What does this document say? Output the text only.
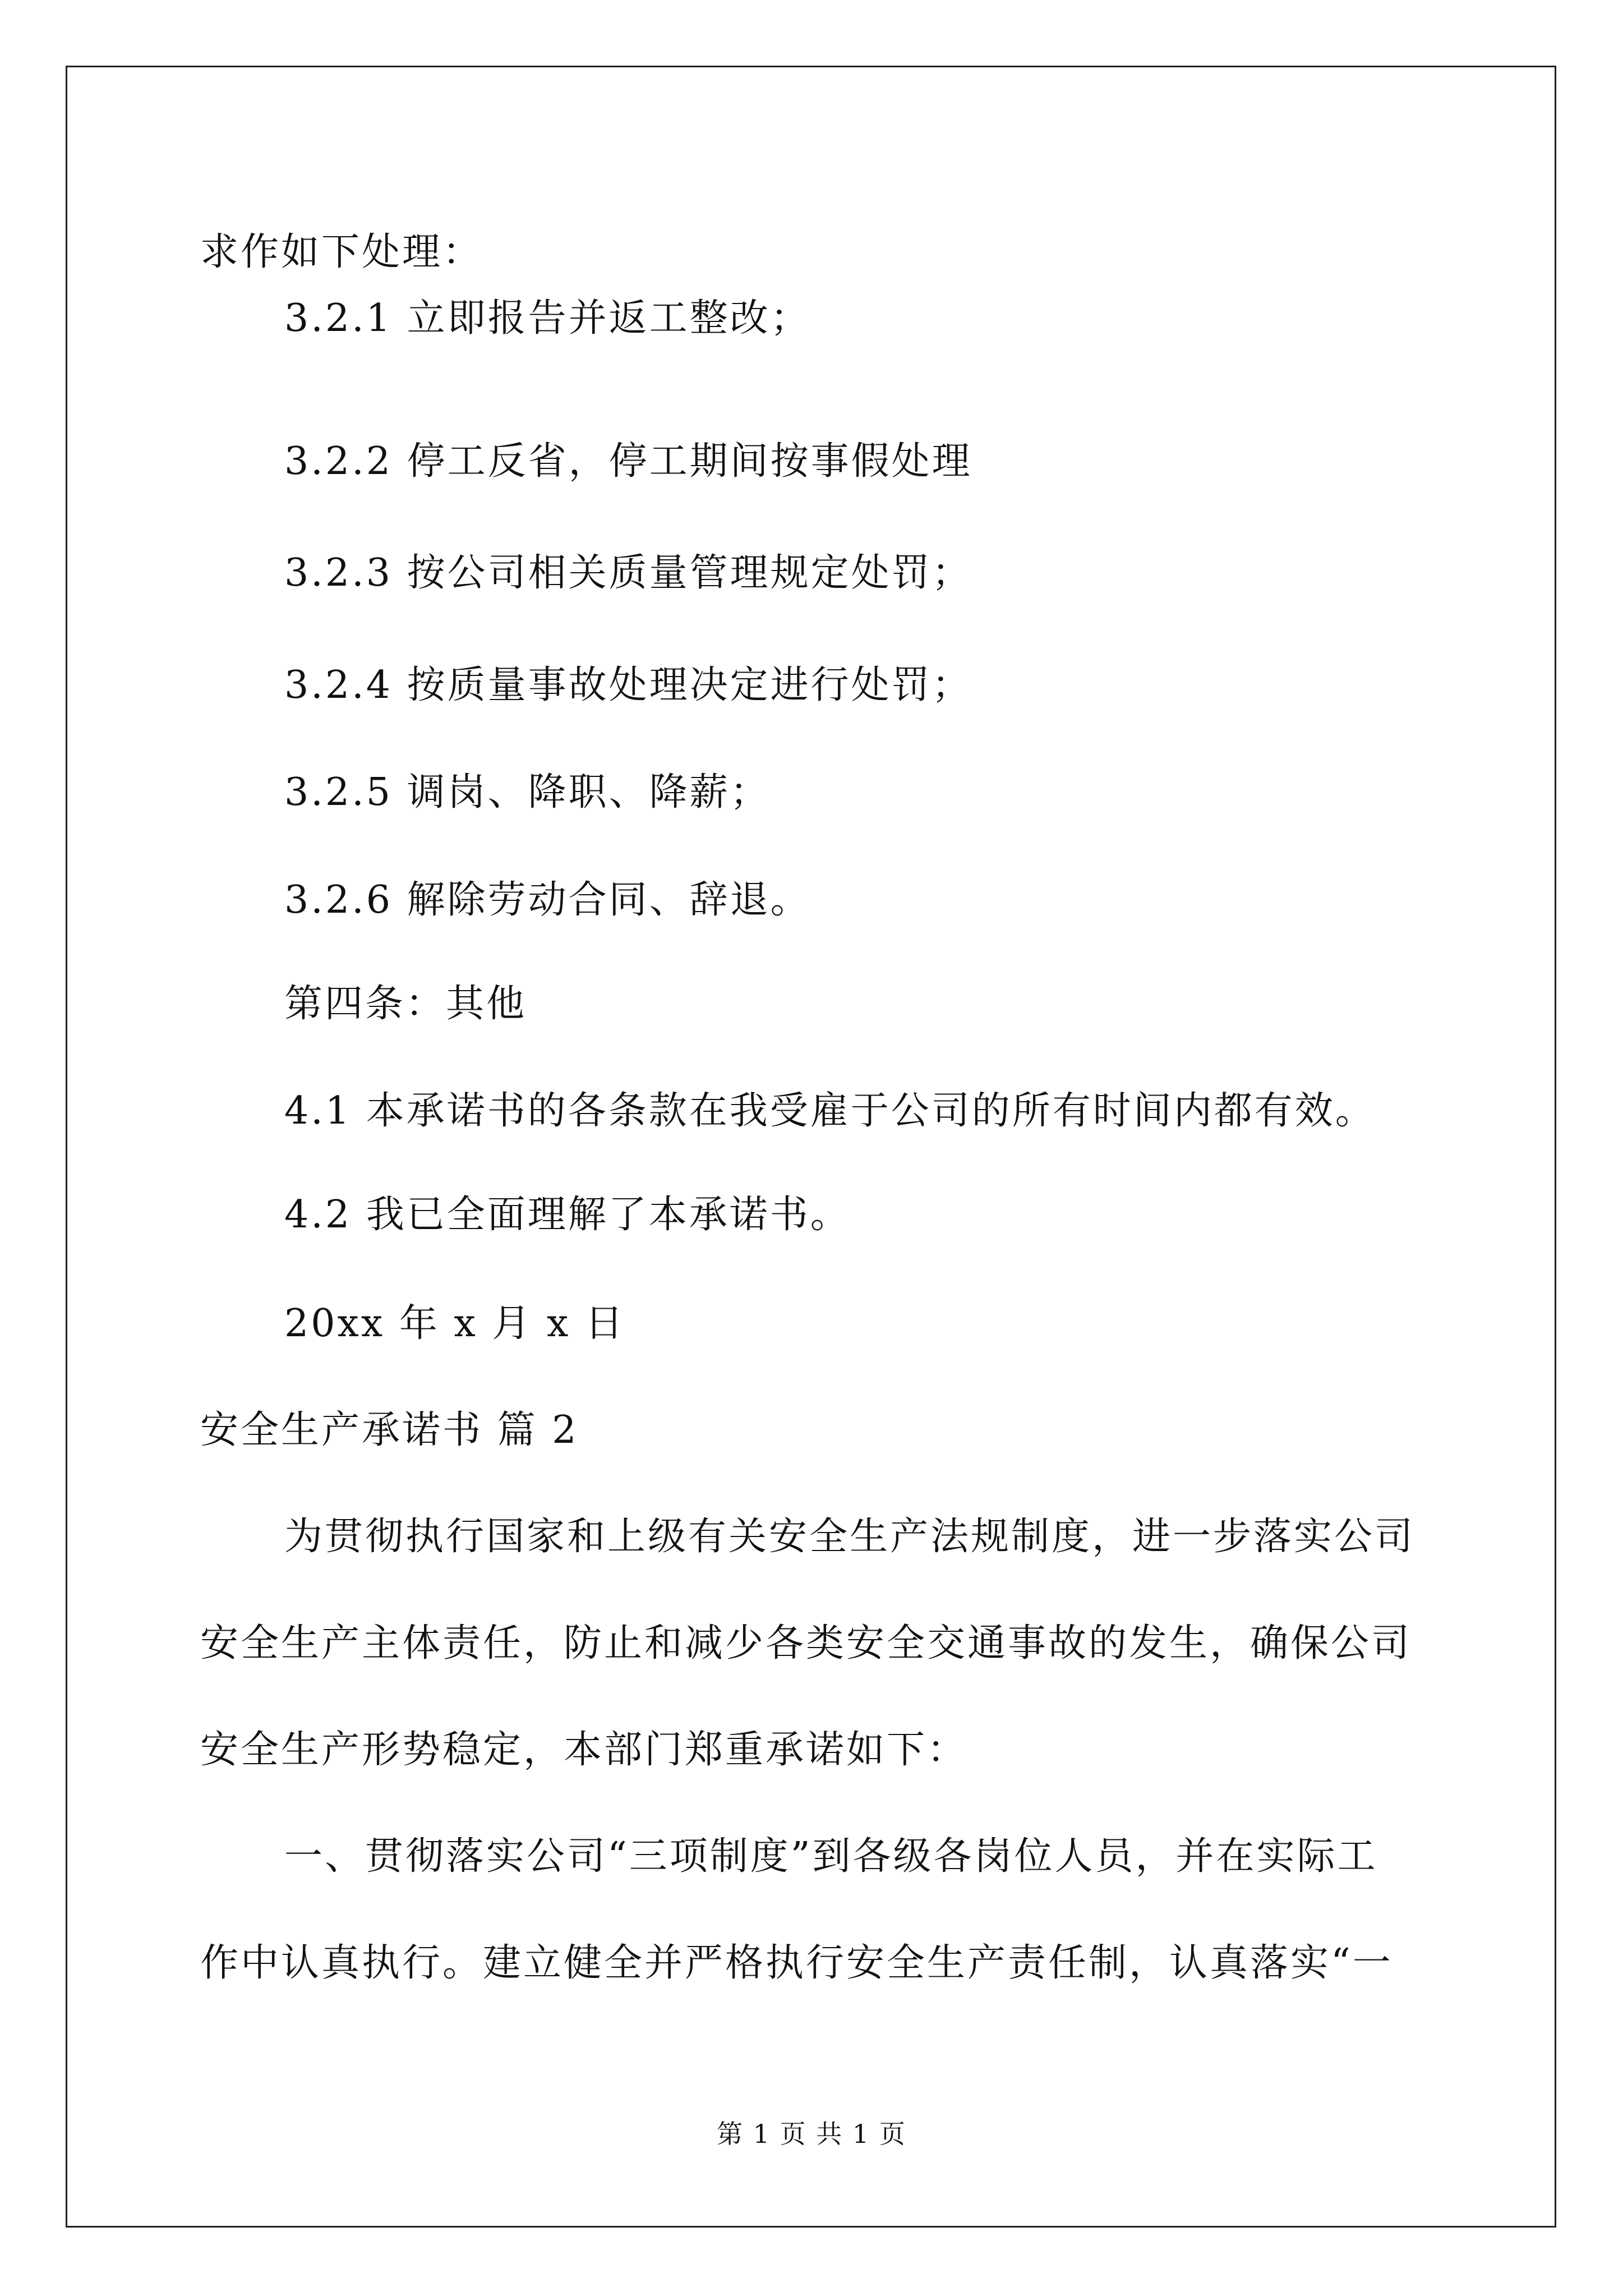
求作如下处理：
3.2.1 立即报告并返工整改；
3.2.2 停工反省，停工期间按事假处理
3.2.3 按公司相关质量管理规定处罚；
3.2.4 按质量事故处理决定进行处罚；
3.2.5 调岗、降职、降薪；
3.2.6 解除劳动合同、辞退。
第四条：其他
4.1 本承诺书的各条款在我受雇于公司的所有时间内都有效。
4.2 我已全面理解了本承诺书。
20xx 年 x 月 x 日
安全生产承诺书 篇 2
为贯彻执行国家和上级有关安全生产法规制度，进一步落实公司
安全生产主体责任，防止和减少各类安全交通事故的发生，确保公司
安全生产形势稳定，本部门郑重承诺如下：
一、贯彻落实公司“三项制度”到各级各岗位人员，并在实际工
作中认真执行。建立健全并严格执行安全生产责任制，认真落实“一
第 1 页 共 1 页
